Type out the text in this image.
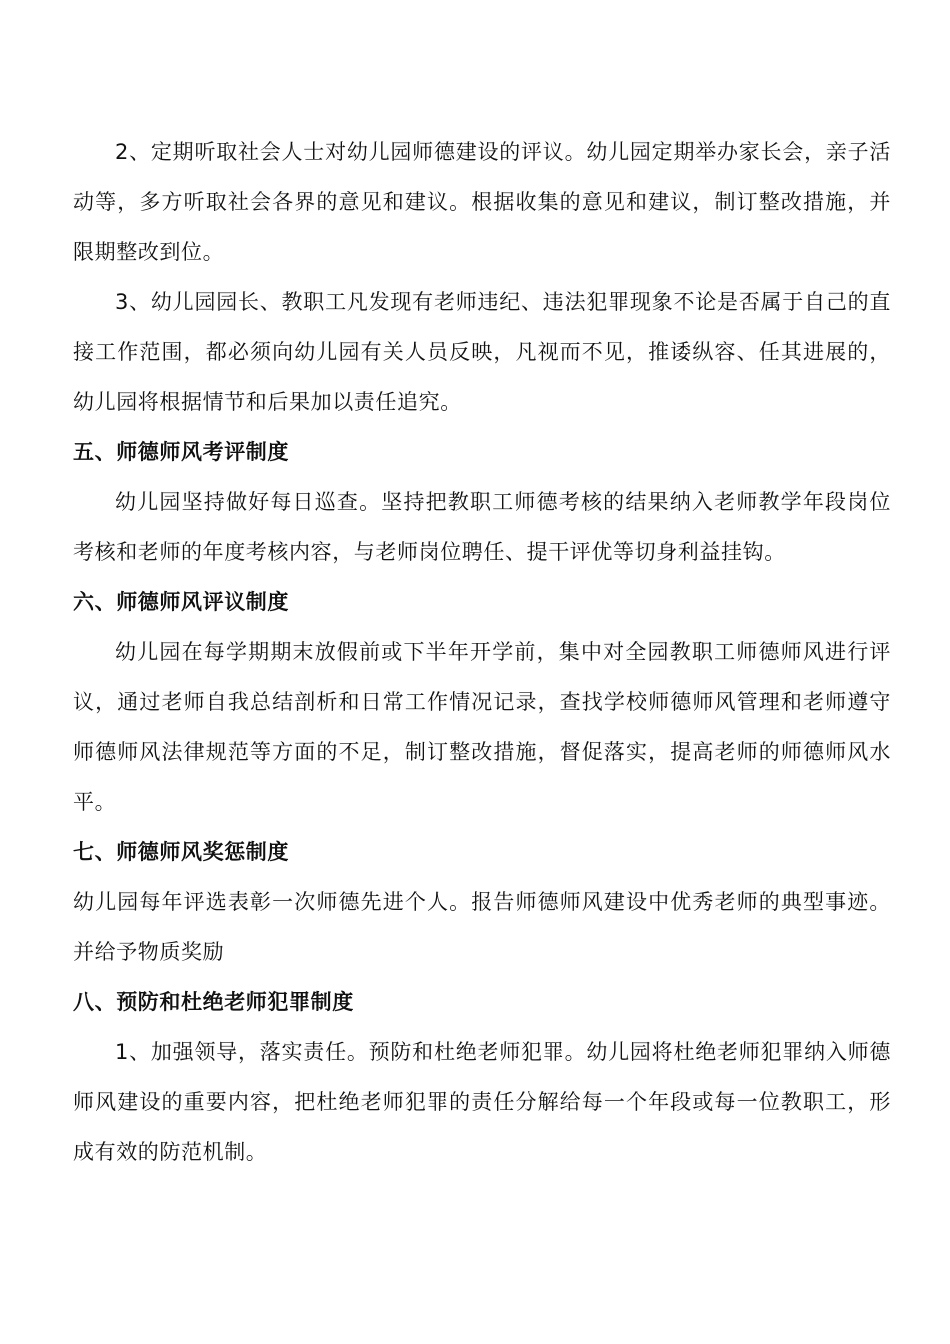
2、定期听取社会人士对幼儿园师德建设的评议。幼儿园定期举办家长会，亲子活动等，多方听取社会各界的意见和建议。根据收集的意见和建议，制订整改措施，并限期整改到位。

3、幼儿园园长、教职工凡发现有老师违纪、违法犯罪现象不论是否属于自己的直接工作范围，都必须向幼儿园有关人员反映，凡视而不见，推诿纵容、任其进展的，幼儿园将根据情节和后果加以责任追究。

五、师德师风考评制度

幼儿园坚持做好每日巡查。坚持把教职工师德考核的结果纳入老师教学年段岗位考核和老师的年度考核内容，与老师岗位聘任、提干评优等切身利益挂钩。

六、师德师风评议制度

幼儿园在每学期期末放假前或下半年开学前，集中对全园教职工师德师风进行评议，通过老师自我总结剖析和日常工作情况记录，查找学校师德师风管理和老师遵守师德师风法律规范等方面的不足，制订整改措施，督促落实，提高老师的师德师风水平。

七、师德师风奖惩制度

幼儿园每年评选表彰一次师德先进个人。报告师德师风建设中优秀老师的典型事迹。并给予物质奖励

八、预防和杜绝老师犯罪制度

1、加强领导，落实责任。预防和杜绝老师犯罪。幼儿园将杜绝老师犯罪纳入师德师风建设的重要内容，把杜绝老师犯罪的责任分解给每一个年段或每一位教职工，形成有效的防范机制。
